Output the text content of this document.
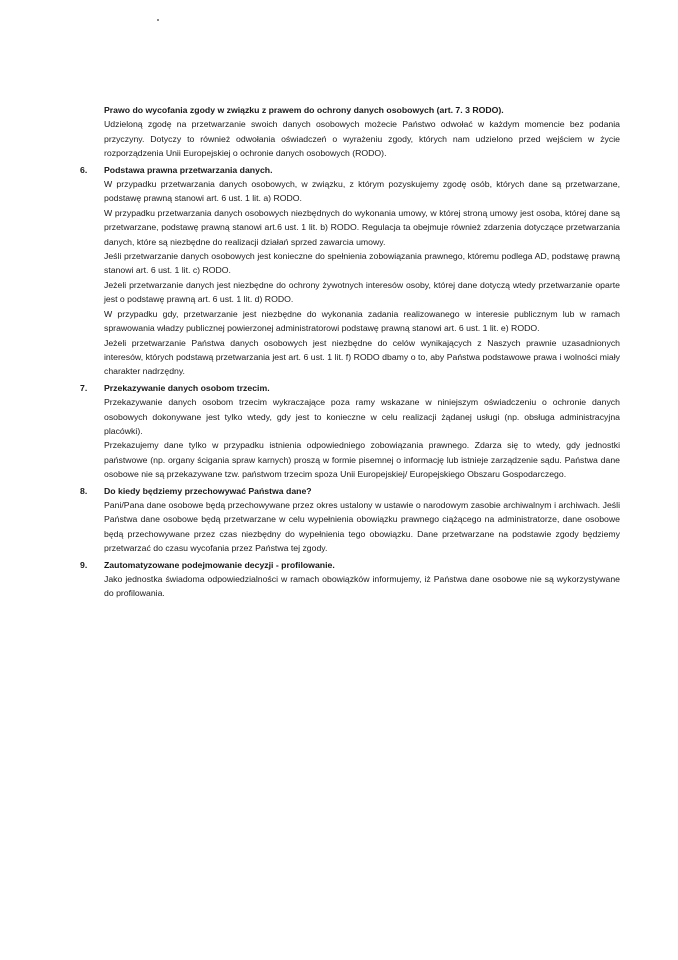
Prawo do wycofania zgody w związku z prawem do ochrony danych osobowych (art. 7. 3 RODO).

Udzieloną zgodę na przetwarzanie swoich danych osobowych możecie Państwo odwołać w każdym momencie bez podania przyczyny. Dotyczy to również odwołania oświadczeń o wyrażeniu zgody, których nam udzielono przed wejściem w życie rozporządzenia Unii Europejskiej o ochronie danych osobowych (RODO).

6.	Podstawa prawna przetwarzania danych.

W przypadku przetwarzania danych osobowych, w związku, z którym pozyskujemy zgodę osób, których dane są przetwarzane, podstawę prawną stanowi art. 6 ust. 1 lit. a) RODO.

W przypadku przetwarzania danych osobowych niezbędnych do wykonania umowy, w której stroną umowy jest osoba, której dane są przetwarzane, podstawę prawną stanowi art.6 ust. 1 lit. b) RODO. Regulacja ta obejmuje również zdarzenia dotyczące przetwarzania danych, które są niezbędne do realizacji działań sprzed zawarcia umowy.

Jeśli przetwarzanie danych osobowych jest konieczne do spełnienia zobowiązania prawnego, któremu podlega AD, podstawę prawną stanowi art. 6 ust. 1 lit. c) RODO.

Jeżeli przetwarzanie danych jest niezbędne do ochrony żywotnych interesów osoby, której dane dotyczą wtedy przetwarzanie oparte jest o podstawę prawną art. 6 ust. 1 lit. d) RODO.

W przypadku gdy, przetwarzanie jest niezbędne do wykonania zadania realizowanego w interesie publicznym lub w ramach sprawowania władzy publicznej powierzonej administratorowi podstawę prawną stanowi art. 6 ust. 1 lit. e) RODO.

Jeżeli przetwarzanie Państwa danych osobowych jest niezbędne do celów wynikających z Naszych prawnie uzasadnionych interesów, których podstawą przetwarzania jest art. 6 ust. 1 lit. f) RODO dbamy o to, aby Państwa podstawowe prawa i wolności miały charakter nadrzędny.

7.	Przekazywanie danych osobom trzecim.

Przekazywanie danych osobom trzecim wykraczające poza ramy wskazane w niniejszym oświadczeniu o ochronie danych osobowych dokonywane jest tylko wtedy, gdy jest to konieczne w celu realizacji żądanej usługi (np. obsługa administracyjna placówki).

Przekazujemy dane tylko w przypadku istnienia odpowiedniego zobowiązania prawnego. Zdarza się to wtedy, gdy jednostki państwowe (np. organy ścigania spraw karnych) proszą w formie pisemnej o informację lub istnieje zarządzenie sądu. Państwa dane osobowe nie są przekazywane tzw. państwom trzecim spoza Unii Europejskiej/ Europejskiego Obszaru Gospodarczego.

8.	Do kiedy będziemy przechowywać Państwa dane?

Pani/Pana dane osobowe będą przechowywane przez okres ustalony w ustawie o narodowym zasobie archiwalnym i archiwach. Jeśli Państwa dane osobowe będą przetwarzane w celu wypełnienia obowiązku prawnego ciążącego na administratorze, dane osobowe będą przechowywane przez czas niezbędny do wypełnienia tego obowiązku. Dane przetwarzane na podstawie zgody będziemy przetwarzać do czasu wycofania przez Państwa tej zgody.

9.	Zautomatyzowane podejmowanie decyzji - profilowanie.

Jako jednostka świadoma odpowiedzialności w ramach obowiązków informujemy, iż Państwa dane osobowe nie są wykorzystywane do profilowania.
